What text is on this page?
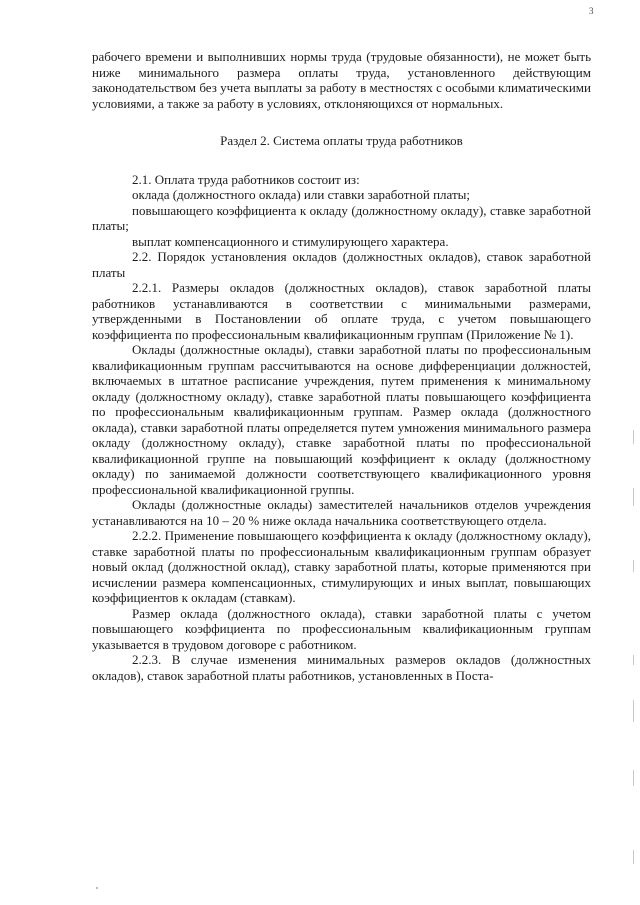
3

рабочего времени и выполнивших нормы труда (трудовые обязанности), не может быть ниже минимального размера оплаты труда, установленного действующим законодательством без учета выплаты за работу в местностях с особыми климатическими условиями, а также за работу в условиях, отклоняющихся от нормальных.

Раздел 2. Система оплаты труда работников

2.1. Оплата труда работников состоит из:

оклада (должностного оклада) или ставки заработной платы;

повышающего коэффициента к окладу (должностному окладу), ставке заработной платы;

выплат компенсационного и стимулирующего характера.

2.2. Порядок установления окладов (должностных окладов), ставок заработной платы

2.2.1. Размеры окладов (должностных окладов), ставок заработной платы работников устанавливаются в соответствии с минимальными размерами, утвержденными в Постановлении об оплате труда, с учетом повышающего коэффициента по профессиональным квалификационным группам (Приложение № 1).

Оклады (должностные оклады), ставки заработной платы по профессиональным квалификационным группам рассчитываются на основе дифференциации должностей, включаемых в штатное расписание учреждения, путем применения к минимальному окладу (должностному окладу), ставке заработной платы повышающего коэффициента по профессиональным квалификационным группам. Размер оклада (должностного оклада), ставки заработной платы определяется путем умножения минимального размера окладу (должностному окладу), ставке заработной платы по профессиональной квалификационной группе на повышающий коэффициент к окладу (должностному окладу) по занимаемой должности соответствующего квалификационного уровня профессиональной квалификационной группы.

Оклады (должностные оклады) заместителей начальников отделов учреждения устанавливаются на 10 – 20 % ниже оклада начальника соответствующего отдела.

2.2.2. Применение повышающего коэффициента к окладу (должностному окладу), ставке заработной платы по профессиональным квалификационным группам образует новый оклад (должностной оклад), ставку заработной платы, которые применяются при исчислении размера компенсационных, стимулирующих и иных выплат, повышающих коэффициентов к окладам (ставкам).

Размер оклада (должностного оклада), ставки заработной платы с учетом повышающего коэффициента по профессиональным квалификационным группам указывается в трудовом договоре с работником.

2.2.3. В случае изменения минимальных размеров окладов (должностных окладов), ставок заработной платы работников, установленных в Поста-
